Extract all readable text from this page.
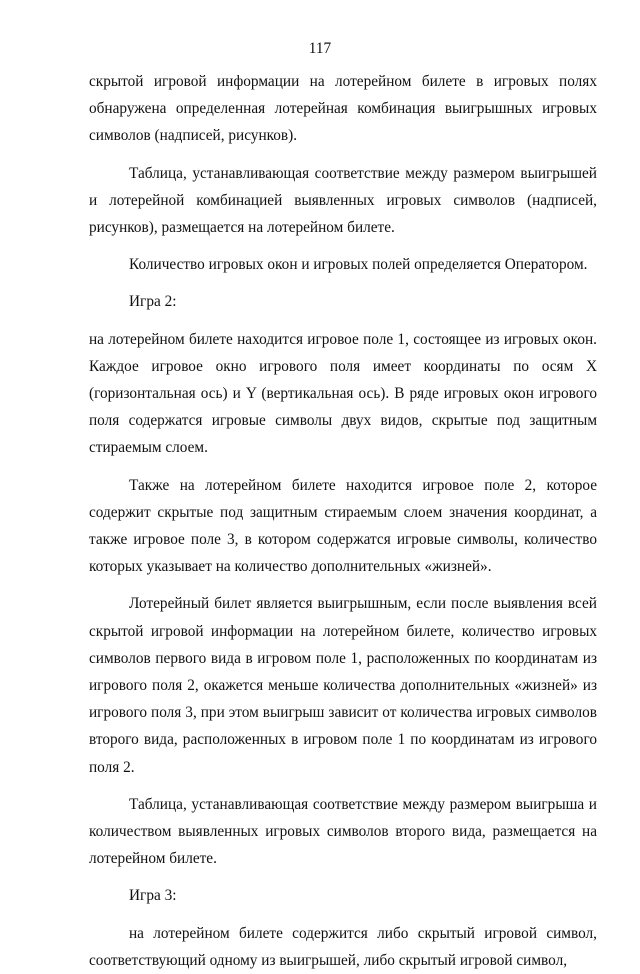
117

скрытой игровой информации на лотерейном билете в игровых полях обнаружена определенная лотерейная комбинация выигрышных игровых символов (надписей, рисунков).

Таблица, устанавливающая соответствие между размером выигрышей и лотерейной комбинацией выявленных игровых символов (надписей, рисунков), размещается на лотерейном билете.

Количество игровых окон и игровых полей определяется Оператором.

Игра 2:

на лотерейном билете находится игровое поле 1, состоящее из игровых окон. Каждое игровое окно игрового поля имеет координаты по осям X (горизонтальная ось) и Y (вертикальная ось). В ряде игровых окон игрового поля содержатся игровые символы двух видов, скрытые под защитным стираемым слоем.

Также на лотерейном билете находится игровое поле 2, которое содержит скрытые под защитным стираемым слоем значения координат, а также игровое поле 3, в котором содержатся игровые символы, количество которых указывает на количество дополнительных «жизней».

Лотерейный билет является выигрышным, если после выявления всей скрытой игровой информации на лотерейном билете, количество игровых символов первого вида в игровом поле 1, расположенных по координатам из игрового поля 2, окажется меньше количества дополнительных «жизней» из игрового поля 3, при этом выигрыш зависит от количества игровых символов второго вида, расположенных в игровом поле 1 по координатам из игрового поля 2.

Таблица, устанавливающая соответствие между размером выигрыша и количеством выявленных игровых символов второго вида, размещается на лотерейном билете.

Игра 3:

на лотерейном билете содержится либо скрытый игровой символ, соответствующий одному из выигрышей, либо скрытый игровой символ,
